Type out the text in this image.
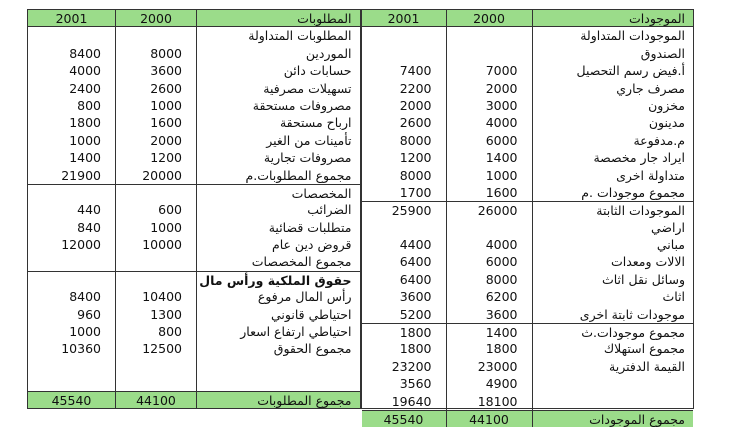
2001	2000	المطلوبات
المطلوبات المتداولة
8400	8000	الموردين
4000	3600	حسابات دائن
2400	2600	تسهيلات مصرفية
800	1000	مصروفات مستحقة
1800	1600	ارباح مستحقة
1000	2000	تأمينات من الغير
1400	1200	مصروفات تجارية
21900	20000	مجموع المطلوبات.م
المخصصات
440	600	الضرائب
840	1000	متطلبات قضائية
12000	10000	قروض دين عام
مجموع المخصصات
حقوق الملكية ورأس مال
8400	10400	رأس المال مرفوع
960	1300	احتياطي قانوني
1000	800	احتياطي ارتفاع اسعار
10360	12500	مجموع الحقوق
45540	44100	مجموع المطلوبات
2001	2000	الموجودات
الموجودات المتداولة
الصندوق
7400	7000	أ.فيض رسم التحصيل
2200	2000	مصرف جاري
2000	3000	مخزون
2600	4000	مدينون
8000	6000	م.مدفوعة
1200	1400	ايراد جار مخصصة
8000	1000	متداولة اخرى
1700	1600	مجموع موجودات .م
25900	26000	الموجودات الثابتة
اراضي
4400	4000	مباني
6400	6000	الالات ومعدات
6400	8000	وسائل نقل اثاث
3600	6200	اثاث
5200	3600	موجودات ثابتة اخرى
1800	1400	مجموع موجودات.ث
1800	1800	مجموع استهلاك
23200	23000	القيمة الدفترية
3560	4900
19640	18100
45540	44100	مجموع الموجودات
